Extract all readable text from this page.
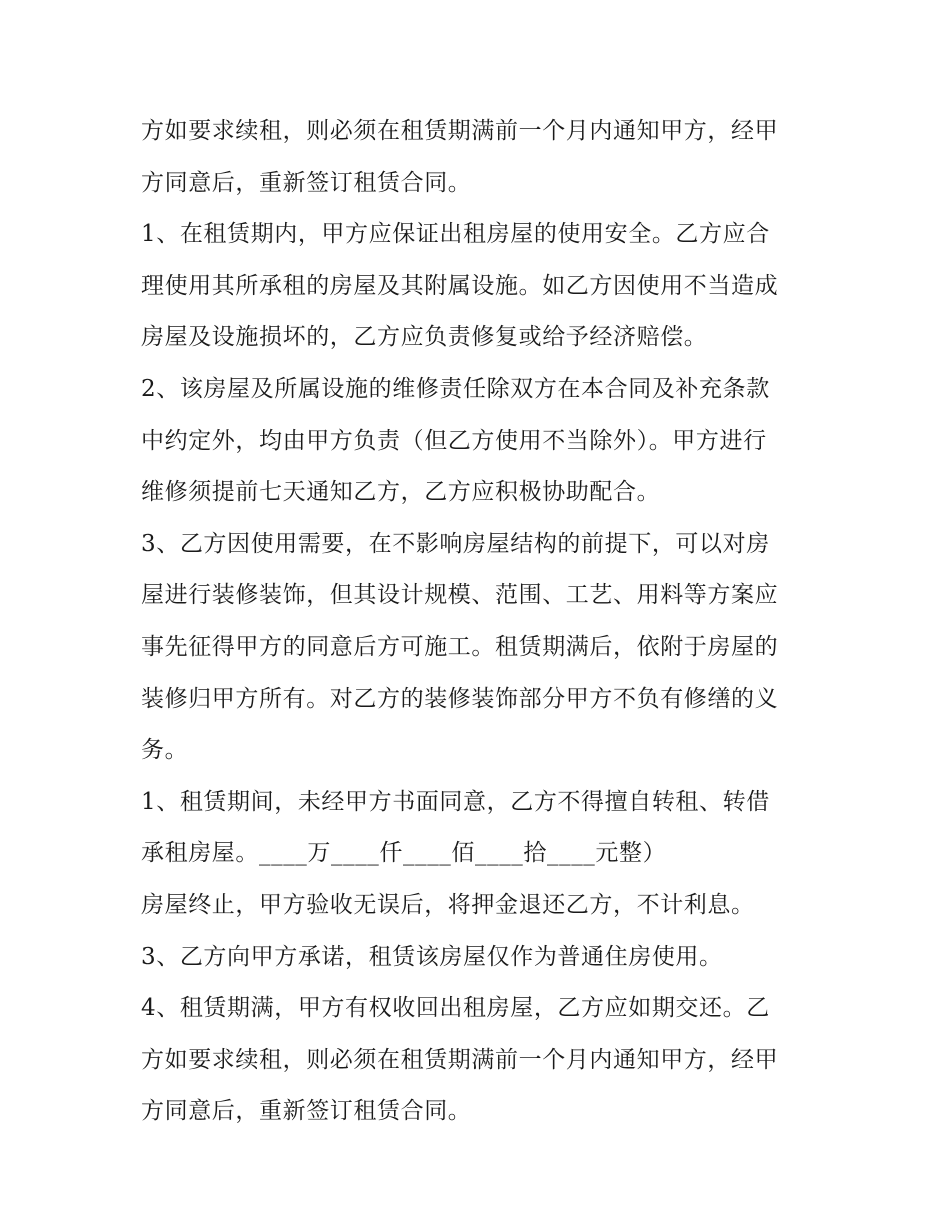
方如要求续租，则必须在租赁期满前一个月内通知甲方，经甲
方同意后，重新签订租赁合同。
1、在租赁期内，甲方应保证出租房屋的使用安全。乙方应合
理使用其所承租的房屋及其附属设施。如乙方因使用不当造成
房屋及设施损坏的，乙方应负责修复或给予经济赔偿。
2、该房屋及所属设施的维修责任除双方在本合同及补充条款
中约定外，均由甲方负责（但乙方使用不当除外）。甲方进行
维修须提前七天通知乙方，乙方应积极协助配合。
3、乙方因使用需要，在不影响房屋结构的前提下，可以对房
屋进行装修装饰，但其设计规模、范围、工艺、用料等方案应
事先征得甲方的同意后方可施工。租赁期满后，依附于房屋的
装修归甲方所有。对乙方的装修装饰部分甲方不负有修缮的义
务。
1、租赁期间，未经甲方书面同意，乙方不得擅自转租、转借
承租房屋。____万____仟____佰____拾____元整）
房屋终止，甲方验收无误后，将押金退还乙方，不计利息。
3、乙方向甲方承诺，租赁该房屋仅作为普通住房使用。
4、租赁期满，甲方有权收回出租房屋，乙方应如期交还。乙
方如要求续租，则必须在租赁期满前一个月内通知甲方，经甲
方同意后，重新签订租赁合同。
